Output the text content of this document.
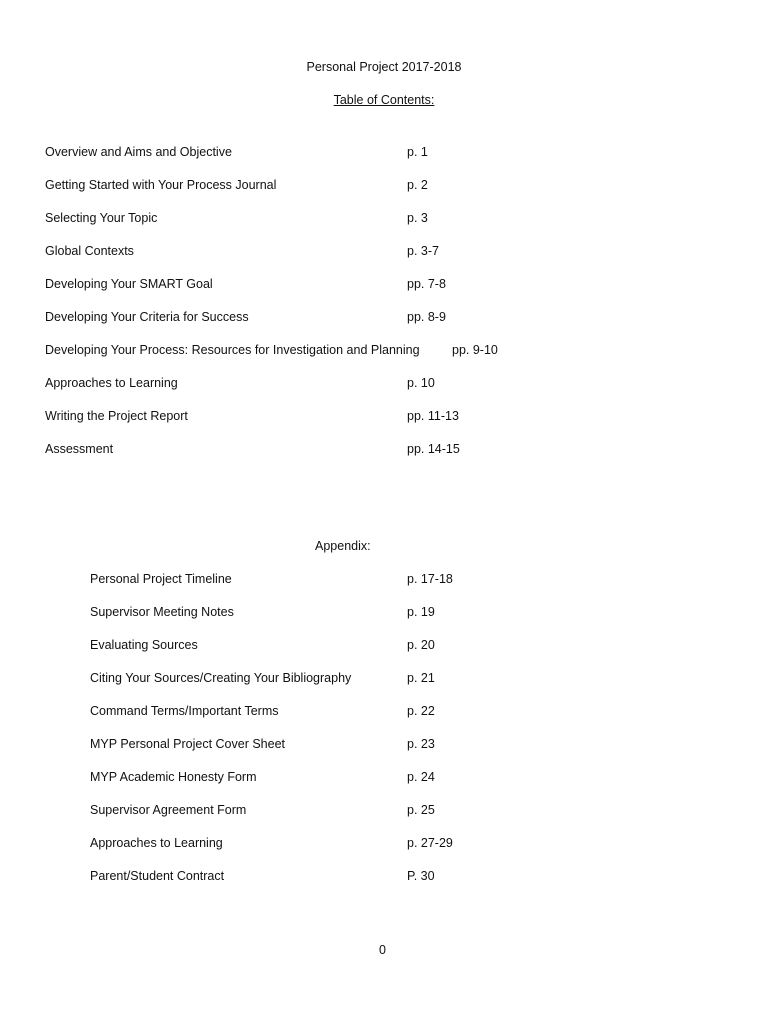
Personal Project 2017-2018
Table of Contents:
Overview and Aims and Objective	p. 1
Getting Started with Your Process Journal	p. 2
Selecting Your Topic	p. 3
Global Contexts	p. 3-7
Developing Your SMART Goal	pp. 7-8
Developing Your Criteria for Success	pp. 8-9
Developing Your Process: Resources for Investigation and Planning	pp. 9-10
Approaches to Learning	p. 10
Writing the Project Report	pp. 11-13
Assessment	pp. 14-15
Appendix:
Personal Project Timeline	p. 17-18
Supervisor Meeting Notes	p. 19
Evaluating Sources	p. 20
Citing Your Sources/Creating Your Bibliography	p. 21
Command Terms/Important Terms	p. 22
MYP Personal Project Cover Sheet	p. 23
MYP Academic Honesty Form	p. 24
Supervisor Agreement Form	p. 25
Approaches to Learning	p. 27-29
Parent/Student Contract	P. 30
0
